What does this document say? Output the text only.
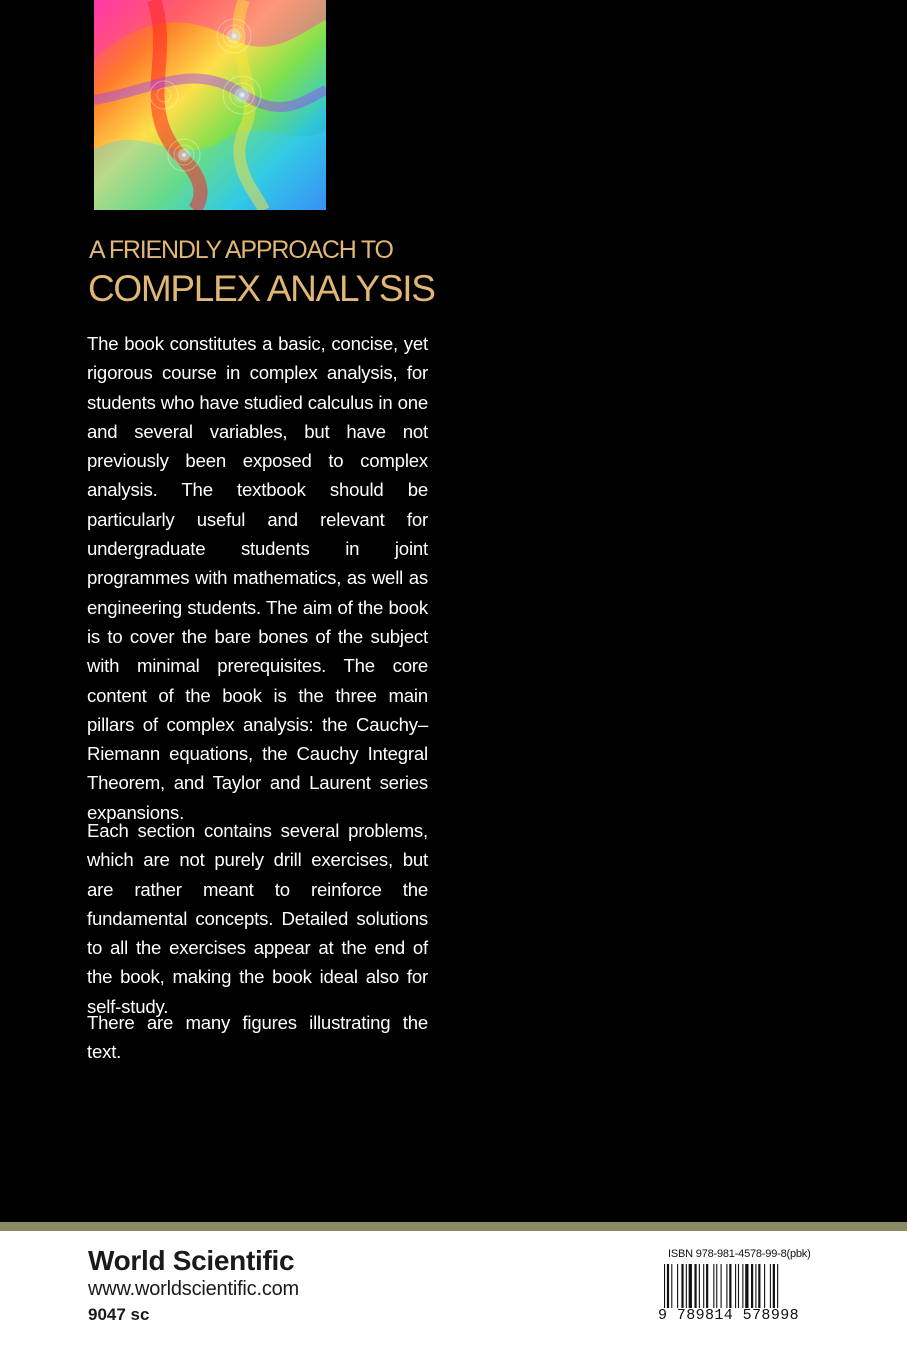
A FRIENDLY APPROACH TO
COMPLEX ANALYSIS

The book constitutes a basic, concise, yet rigorous course in complex analysis, for students who have studied calculus in one and several variables, but have not previously been exposed to complex analysis. The textbook should be particularly useful and relevant for undergraduate students in joint programmes with mathematics, as well as engineering students. The aim of the book is to cover the bare bones of the subject with minimal prerequisites. The core content of the book is the three main pillars of complex analysis: the Cauchy–Riemann equations, the Cauchy Integral Theorem, and Taylor and Laurent series expansions.

Each section contains several problems, which are not purely drill exercises, but are rather meant to reinforce the fundamental concepts. Detailed solutions to all the exercises appear at the end of the book, making the book ideal also for self-study.

There are many figures illustrating the text.

World Scientific
www.worldscientific.com
9047 sc
ISBN 978-981-4578-99-8(pbk)
9 789814 578998
